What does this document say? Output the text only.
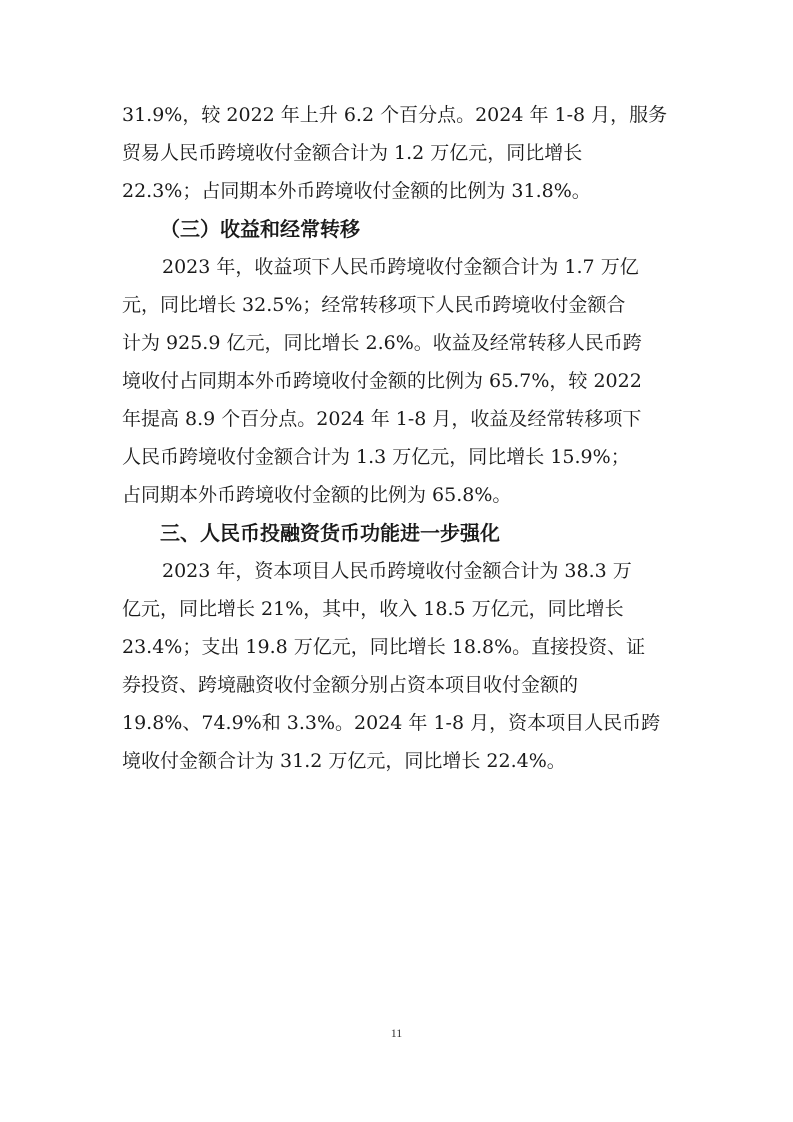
31.9%，较 2022 年上升 6.2 个百分点。2024 年 1-8 月，服务
贸易人民币跨境收付金额合计为 1.2 万亿元，同比增长
22.3%；占同期本外币跨境收付金额的比例为 31.8%。
（三）收益和经常转移
2023 年，收益项下人民币跨境收付金额合计为 1.7 万亿
元，同比增长 32.5%；经常转移项下人民币跨境收付金额合
计为 925.9 亿元，同比增长 2.6%。收益及经常转移人民币跨
境收付占同期本外币跨境收付金额的比例为 65.7%，较 2022
年提高 8.9 个百分点。2024 年 1-8 月，收益及经常转移项下
人民币跨境收付金额合计为 1.3 万亿元，同比增长 15.9%；
占同期本外币跨境收付金额的比例为 65.8%。
三、人民币投融资货币功能进一步强化
2023 年，资本项目人民币跨境收付金额合计为 38.3 万
亿元，同比增长 21%，其中，收入 18.5 万亿元，同比增长
23.4%；支出 19.8 万亿元，同比增长 18.8%。直接投资、证
券投资、跨境融资收付金额分别占资本项目收付金额的
19.8%、74.9%和 3.3%。2024 年 1-8 月，资本项目人民币跨
境收付金额合计为 31.2 万亿元，同比增长 22.4%。
11
